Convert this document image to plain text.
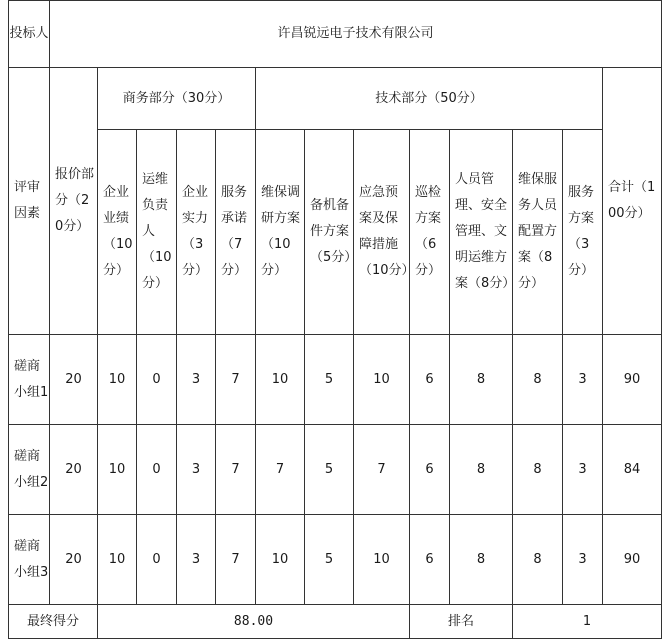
投标人	许昌锐远电子技术有限公司												
评审因素	报价部分（20分）	商务部分（30分）				技术部分（50分）							合计（100分）
		企业业绩（10分）	运维负责人（10分）	企业实力（3分）	服务承诺（7分）	维保调研方案（10分）	备机备件方案（5分）	应急预案及保障措施（10分）	巡检方案（6分）	人员管理、安全管理、文明运维方案（8分）	维保服务人员配置方案（8分）	服务方案（3分）	
磋商小组1	20	10	0	3	7	10	5	10	6	8	8	3	90
磋商小组2	20	10	0	3	7	7	5	7	6	8	8	3	84
磋商小组3	20	10	0	3	7	10	5	10	6	8	8	3	90
最终得分		88.00							排名		1		
